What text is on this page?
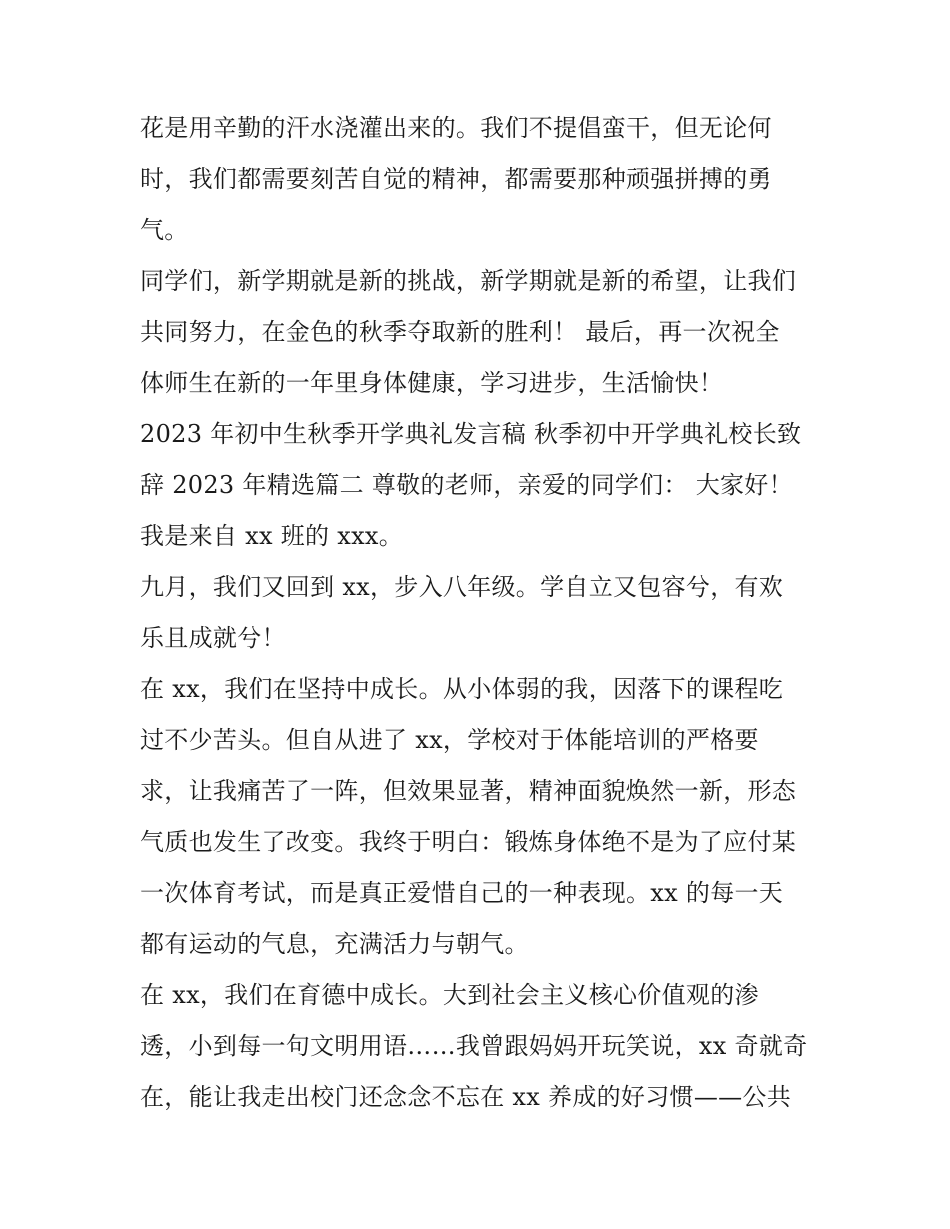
花是用辛勤的汗水浇灌出来的。我们不提倡蛮干，但无论何
时，我们都需要刻苦自觉的精神，都需要那种顽强拼搏的勇
气。
同学们，新学期就是新的挑战，新学期就是新的希望，让我们
共同努力，在金色的秋季夺取新的胜利！ 最后，再一次祝全
体师生在新的一年里身体健康，学习进步，生活愉快！
2023 年初中生秋季开学典礼发言稿 秋季初中开学典礼校长致
辞 2023 年精选篇二 尊敬的老师，亲爱的同学们： 大家好！
我是来自 xx 班的 xxx。
九月，我们又回到 xx，步入八年级。学自立又包容兮，有欢
乐且成就兮！
在 xx，我们在坚持中成长。从小体弱的我，因落下的课程吃
过不少苦头。但自从进了 xx，学校对于体能培训的严格要
求，让我痛苦了一阵，但效果显著，精神面貌焕然一新，形态
气质也发生了改变。我终于明白：锻炼身体绝不是为了应付某
一次体育考试，而是真正爱惜自己的一种表现。xx 的每一天
都有运动的气息，充满活力与朝气。
在 xx，我们在育德中成长。大到社会主义核心价值观的渗
透，小到每一句文明用语……我曾跟妈妈开玩笑说，xx 奇就奇
在，能让我走出校门还念念不忘在 xx 养成的好习惯——公共
